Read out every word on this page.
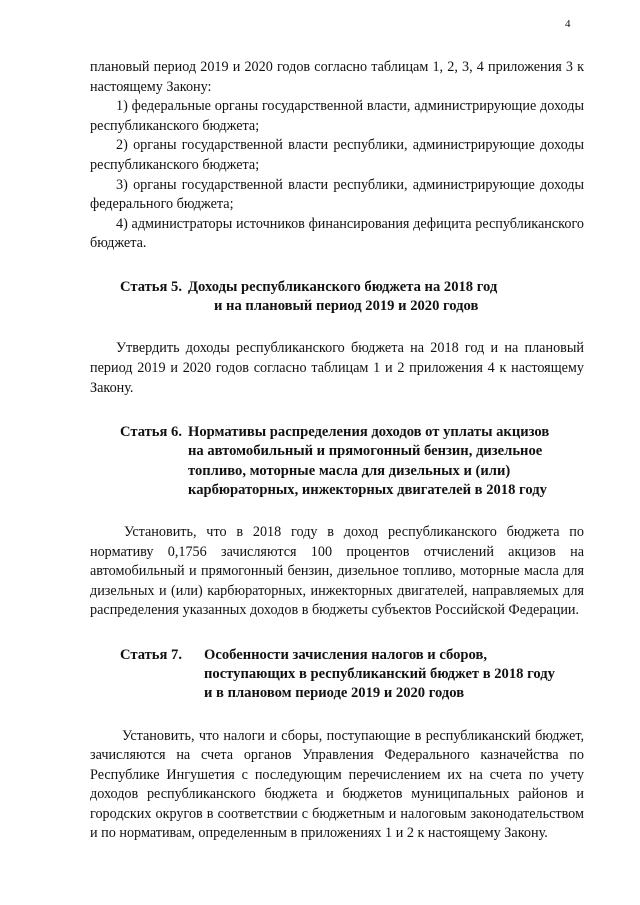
4

плановый период 2019 и 2020 годов согласно таблицам 1, 2, 3, 4 приложения 3 к настоящему Закону:

1) федеральные органы государственной власти, администрирующие доходы республиканского бюджета;

2) органы государственной власти республики, администрирующие доходы республиканского бюджета;

3) органы государственной власти республики, администрирующие доходы федерального бюджета;

4) администраторы источников финансирования дефицита республиканского бюджета.

Статья 5. Доходы республиканского бюджета на 2018 год
и на плановый период 2019 и 2020 годов

Утвердить доходы республиканского бюджета на 2018 год и на плановый период 2019 и 2020 годов согласно таблицам 1 и 2 приложения 4 к настоящему Закону.

Статья 6. Нормативы распределения доходов от уплаты акцизов
на автомобильный и прямогонный бензин, дизельное
топливо, моторные масла для дизельных и (или)
карбюраторных, инжекторных двигателей в 2018 году

Установить, что в 2018 году в доход республиканского бюджета по нормативу 0,1756 зачисляются 100 процентов отчислений акцизов на автомобильный и прямогонный бензин, дизельное топливо, моторные масла для дизельных и (или) карбюраторных, инжекторных двигателей, направляемых для распределения указанных доходов в бюджеты субъектов Российской Федерации.

Статья 7.	Особенности зачисления налогов и сборов,
поступающих в республиканский бюджет в 2018 году
и в плановом периоде 2019 и 2020 годов

Установить, что налоги и сборы, поступающие в республиканский бюджет, зачисляются на счета органов Управления Федерального казначейства по Республике Ингушетия с последующим перечислением их на счета по учету доходов республиканского бюджета и бюджетов муниципальных районов и городских округов в соответствии с бюджетным и налоговым законодательством и по нормативам, определенным в приложениях 1 и 2 к настоящему Закону.
